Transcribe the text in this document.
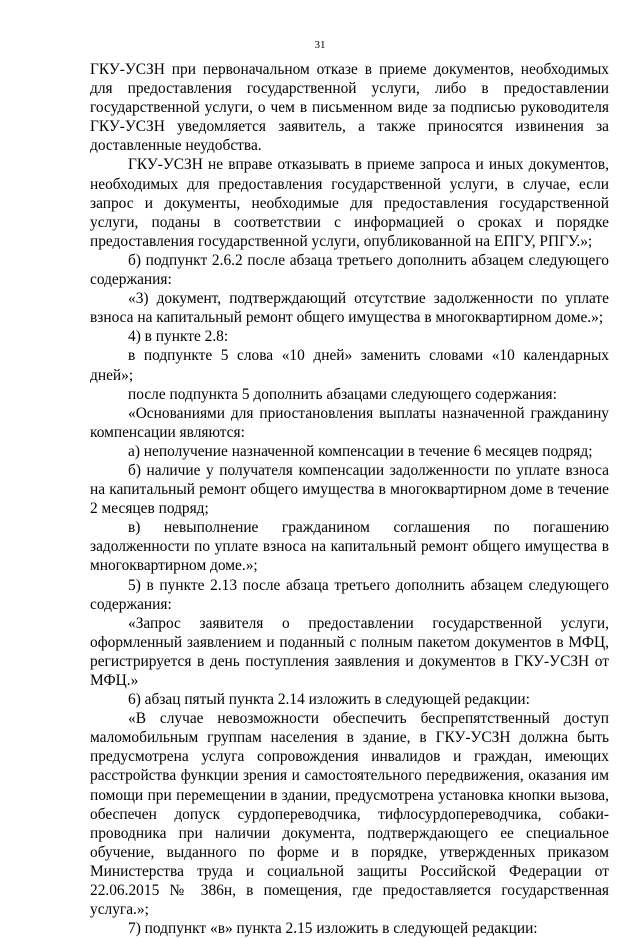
31

ГКУ-УСЗН при первоначальном отказе в приеме документов, необходимых для предоставления государственной услуги, либо в предоставлении государственной услуги, о чем в письменном виде за подписью руководителя ГКУ-УСЗН уведомляется заявитель, а также приносятся извинения за доставленные неудобства.

ГКУ-УСЗН не вправе отказывать в приеме запроса и иных документов, необходимых для предоставления государственной услуги, в случае, если запрос и документы, необходимые для предоставления государственной услуги, поданы в соответствии с информацией о сроках и порядке предоставления государственной услуги, опубликованной на ЕПГУ, РПГУ.»;

б) подпункт 2.6.2 после абзаца третьего дополнить абзацем следующего содержания:

«3) документ, подтверждающий отсутствие задолженности по уплате взноса на капитальный ремонт общего имущества в многоквартирном доме.»;

4) в пункте 2.8:

в подпункте 5 слова «10 дней» заменить словами «10 календарных дней»;

после подпункта 5 дополнить абзацами следующего содержания:

«Основаниями для приостановления выплаты назначенной гражданину компенсации являются:

а) неполучение назначенной компенсации в течение 6 месяцев подряд;

б) наличие у получателя компенсации задолженности по уплате взноса на капитальный ремонт общего имущества в многоквартирном доме в течение 2 месяцев подряд;

в) невыполнение гражданином соглашения по погашению задолженности по уплате взноса на капитальный ремонт общего имущества в многоквартирном доме.»;

5) в пункте 2.13 после абзаца третьего дополнить абзацем следующего содержания:

«Запрос заявителя о предоставлении государственной услуги, оформленный заявлением и поданный с полным пакетом документов в МФЦ, регистрируется в день поступления заявления и документов в ГКУ-УСЗН от МФЦ.»

6) абзац пятый пункта 2.14 изложить в следующей редакции:

«В случае невозможности обеспечить беспрепятственный доступ маломобильным группам населения в здание, в ГКУ-УСЗН должна быть предусмотрена услуга сопровождения инвалидов и граждан, имеющих расстройства функции зрения и самостоятельного передвижения, оказания им помощи при перемещении в здании, предусмотрена установка кнопки вызова, обеспечен допуск сурдопереводчика, тифлосурдопереводчика, собаки-проводника при наличии документа, подтверждающего ее специальное обучение, выданного по форме и в порядке, утвержденных приказом Министерства труда и социальной защиты Российской Федерации от 22.06.2015 № 386н, в помещения, где предоставляется государственная услуга.»;

7) подпункт «в» пункта 2.15 изложить в следующей редакции:
